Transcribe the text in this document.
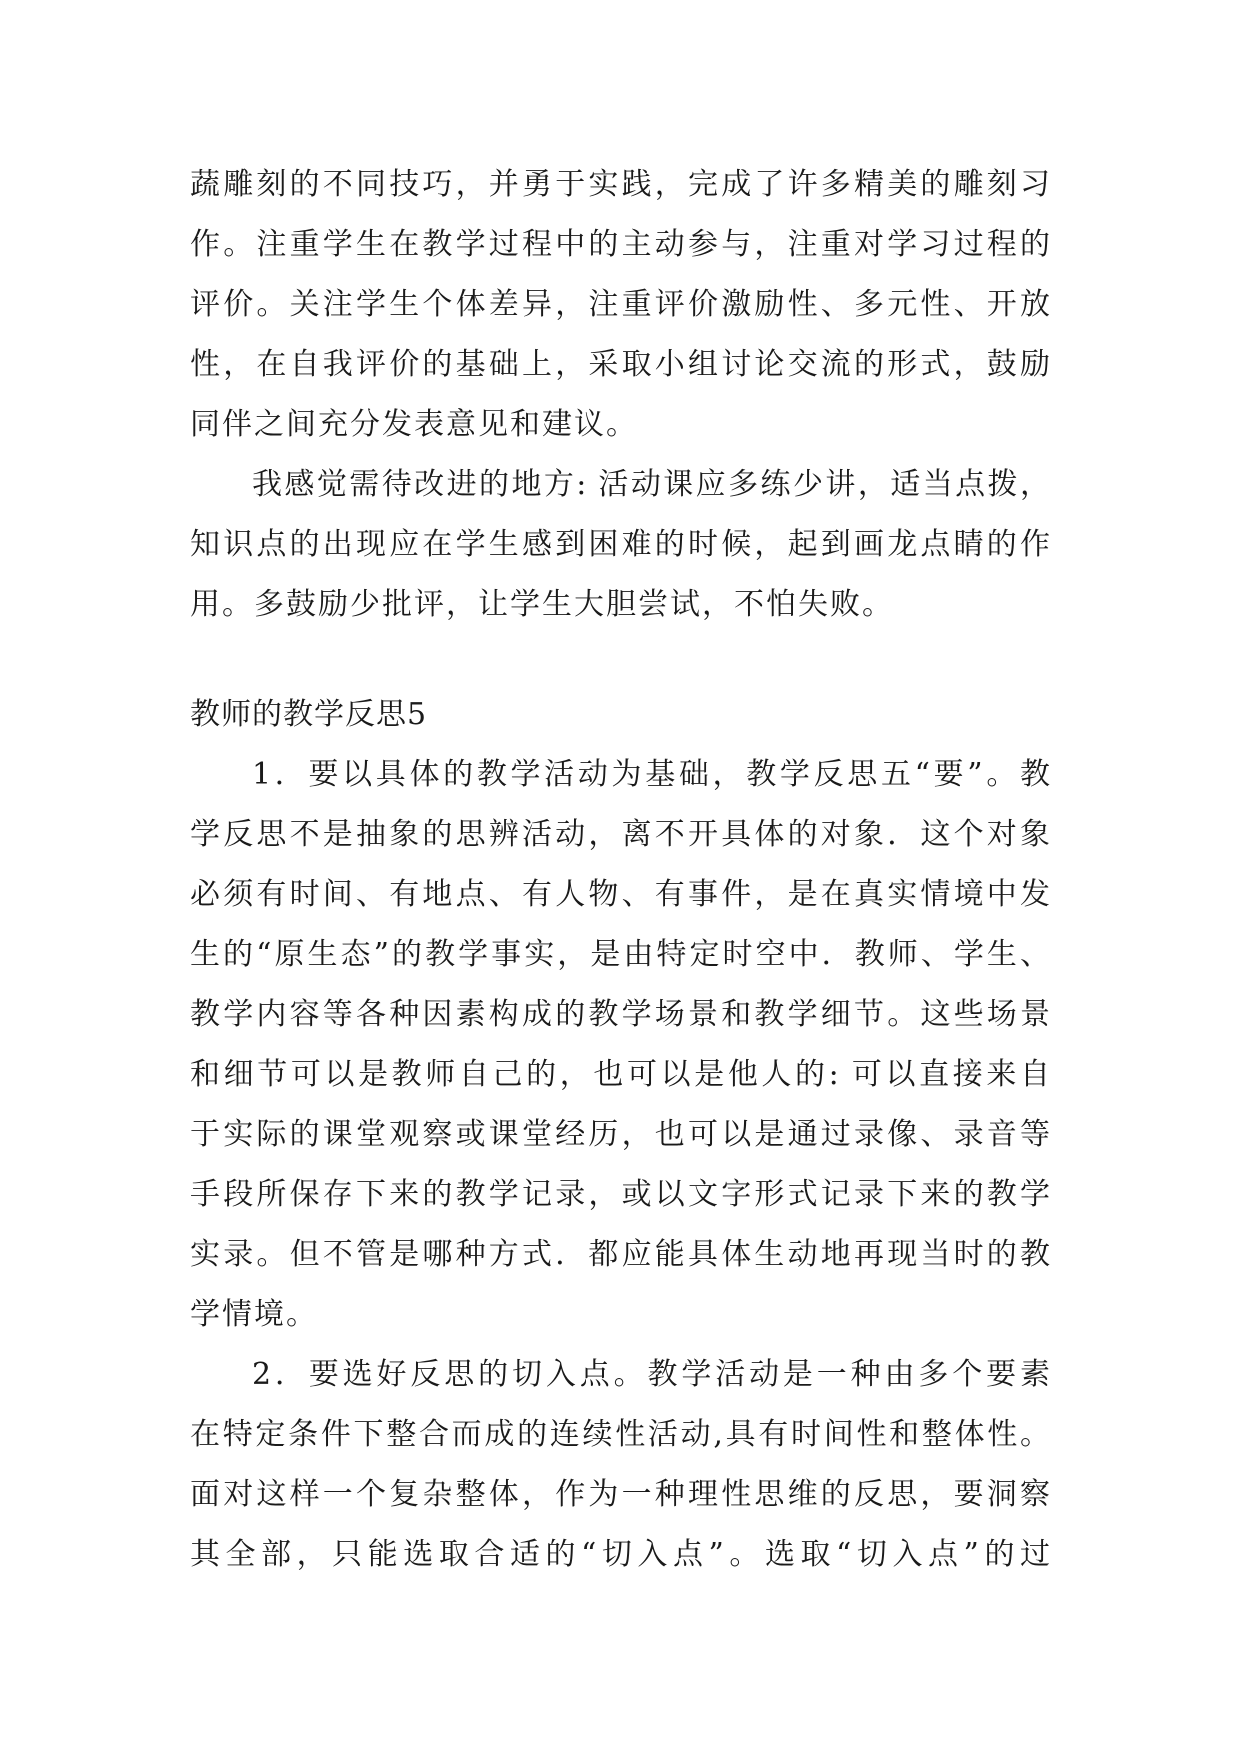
蔬雕刻的不同技巧，并勇于实践，完成了许多精美的雕刻习
作。注重学生在教学过程中的主动参与，注重对学习过程的
评价。关注学生个体差异，注重评价激励性、多元性、开放
性，在自我评价的基础上，采取小组讨论交流的形式，鼓励
同伴之间充分发表意见和建议。
我感觉需待改进的地方: 活动课应多练少讲，适当点拨，
知识点的出现应在学生感到困难的时候，起到画龙点睛的作
用。多鼓励少批评，让学生大胆尝试，不怕失败。
教师的教学反思5
1．要以具体的教学活动为基础，教学反思五“要”。教
学反思不是抽象的思辨活动，离不开具体的对象．这个对象
必须有时间、有地点、有人物、有事件，是在真实情境中发
生的“原生态”的教学事实，是由特定时空中．教师、学生、
教学内容等各种因素构成的教学场景和教学细节。这些场景
和细节可以是教师自己的，也可以是他人的: 可以直接来自
于实际的课堂观察或课堂经历，也可以是通过录像、录音等
手段所保存下来的教学记录，或以文字形式记录下来的教学
实录。但不管是哪种方式．都应能具体生动地再现当时的教
学情境。
2．要选好反思的切入点。教学活动是一种由多个要素
在特定条件下整合而成的连续性活动,具有时间性和整体性。
面对这样一个复杂整体，作为一种理性思维的反思，要洞察
其全部，只能选取合适的“切入点”。选取“切入点”的过
